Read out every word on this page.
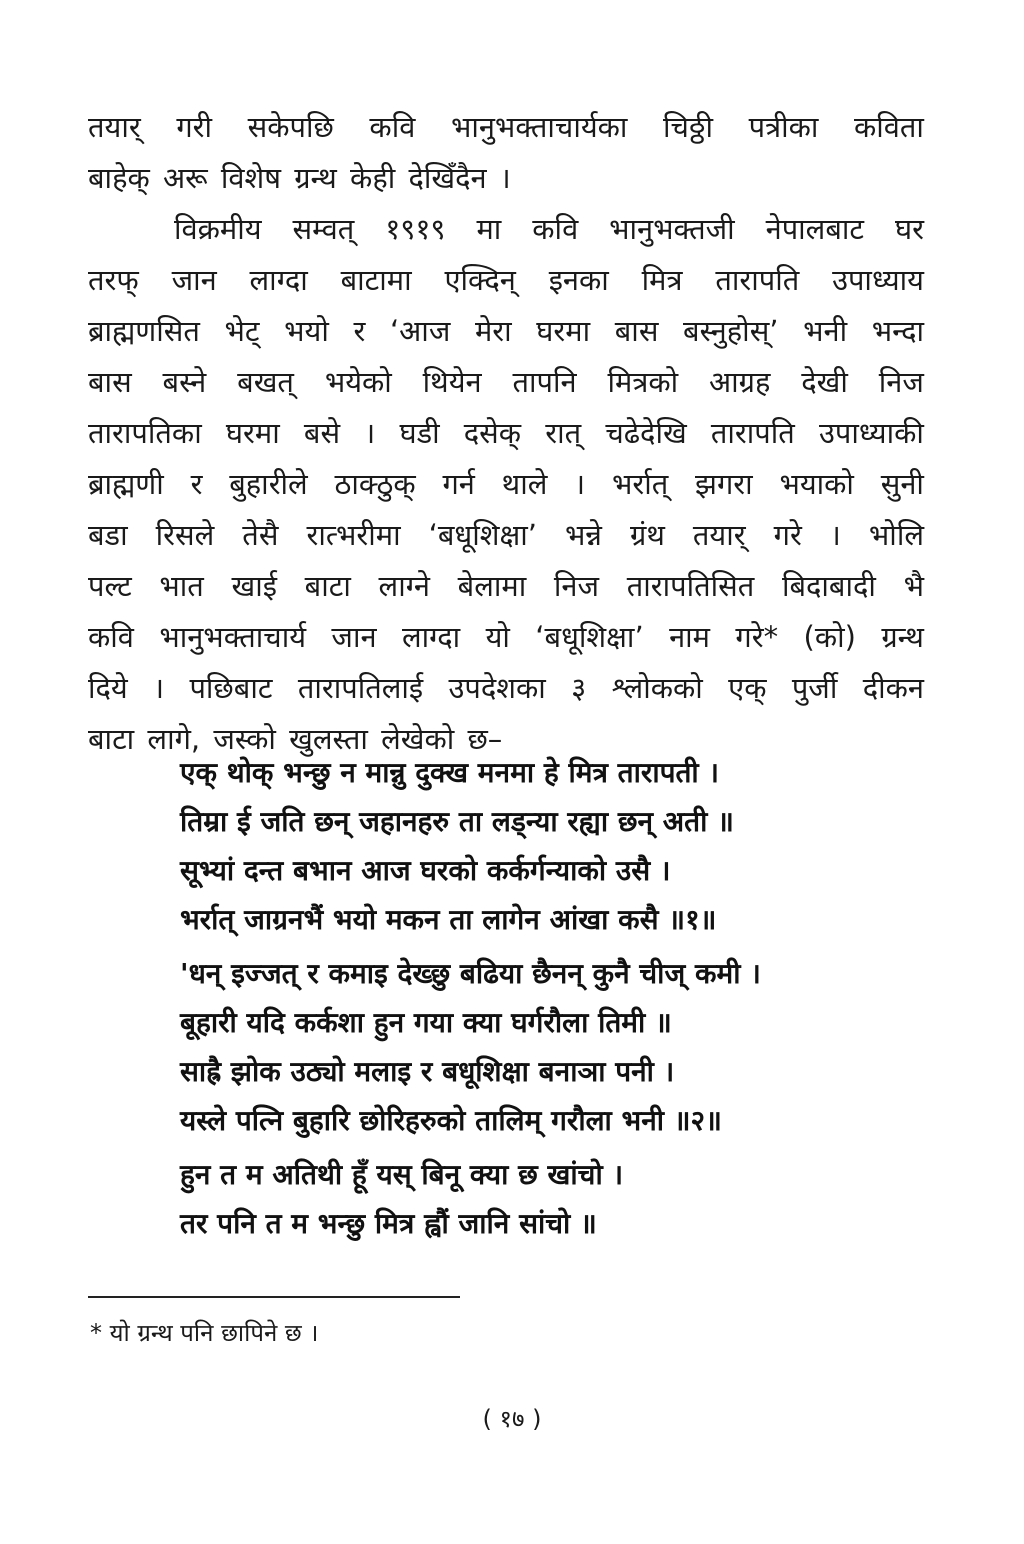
तयार् गरी सकेपछि कवि भानुभक्ताचार्यका चिठ्ठी पत्रीका कविता
बाहेक् अरू विशेष ग्रन्थ केही देखिँदैन ।
विक्रमीय सम्वत् १९१९ मा कवि भानुभक्तजी नेपालबाट घर
तरफ् जान लाग्दा बाटामा एक्दिन् इनका मित्र तारापति उपाध्याय
ब्राह्मणसित भेट् भयो र ‘आज मेरा घरमा बास बस्नुहोस्’ भनी भन्दा
बास बस्ने बखत् भयेको थियेन तापनि मित्रको आग्रह देखी निज
तारापतिका घरमा बसे । घडी दसेक् रात् चढेदेखि तारापति उपाध्याकी
ब्राह्मणी र बुहारीले ठाक्ठुक् गर्न थाले । भर्रात् झगरा भयाको सुनी
बडा रिसले तेसै रात्भरीमा ‘बधूशिक्षा’ भन्ने ग्रंथ तयार् गरे । भोलि
पल्ट भात खाई बाटा लाग्ने बेलामा निज तारापतिसित बिदाबादी भै
कवि भानुभक्ताचार्य जान लाग्दा यो ‘बधूशिक्षा’ नाम गरे* (को) ग्रन्थ
दिये । पछिबाट तारापतिलाई उपदेशका ३ श्लोकको एक् पुर्जी दीकन
बाटा लागे, जस्को खुलस्ता लेखेको छ–
एक् थोक् भन्छु न मान्नु दुक्ख मनमा हे मित्र तारापती ।
तिम्रा ई जति छन् जहानहरु ता लड्न्या रह्या छन् अती ॥
सूभ्यां दन्त बभान आज घरको कर्कर्गन्याको उसै ।
भर्रात् जाग्रनभैं भयो मकन ता लागेन आंखा कसै ॥१॥
'धन् इज्जत् र कमाइ देख्छु बढिया छैनन् कुनै चीज् कमी ।
बूहारी यदि कर्कशा हुन गया क्या घर्गरौला तिमी ॥
साह्रै झोक उठ्यो मलाइ र बधूशिक्षा बनाञा पनी ।
यस्ले पत्नि बुहारि छोरिहरुको तालिम् गरौला भनी ॥२॥
हुन त म अतिथी हूँ यस् बिनू क्या छ खांचो ।
तर पनि त म भन्छु मित्र ह्वौं जानि सांचो ॥
* यो ग्रन्थ पनि छापिने छ ।
( १७ )
